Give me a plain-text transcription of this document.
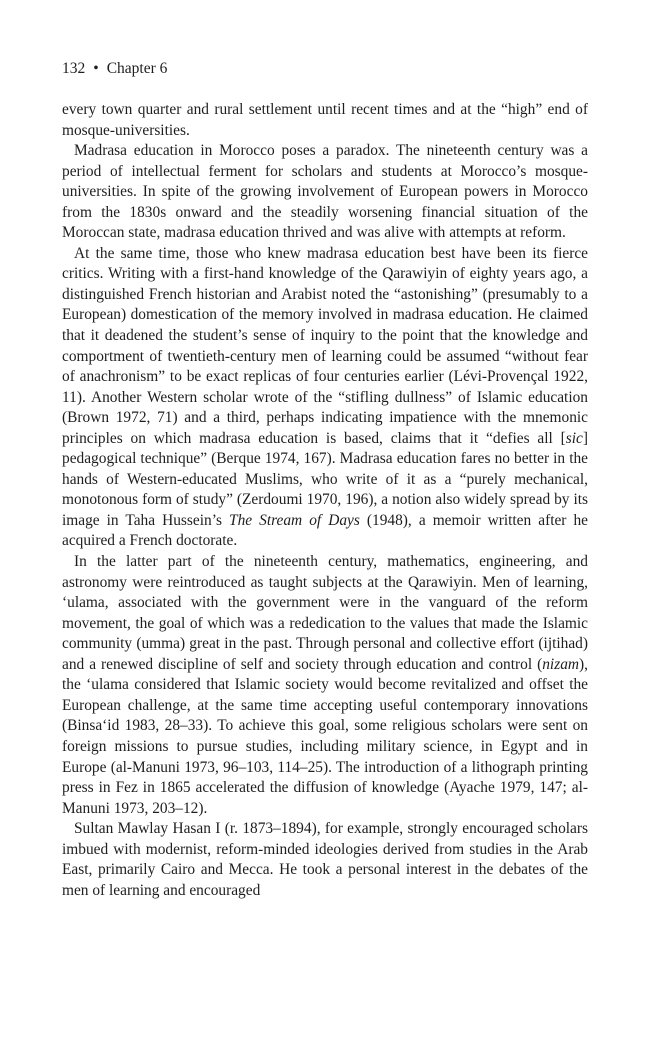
132 • Chapter 6

every town quarter and rural settlement until recent times and at the “high” end of mosque-universities.

Madrasa education in Morocco poses a paradox. The nineteenth century was a period of intellectual ferment for scholars and students at Morocco’s mosque-universities. In spite of the growing involvement of European powers in Morocco from the 1830s onward and the steadily worsening financial situation of the Moroccan state, madrasa education thrived and was alive with attempts at reform.

At the same time, those who knew madrasa education best have been its fierce critics. Writing with a first-hand knowledge of the Qarawiyin of eighty years ago, a distinguished French historian and Arabist noted the “astonishing” (presumably to a European) domestication of the memory involved in madrasa education. He claimed that it deadened the student’s sense of inquiry to the point that the knowledge and comportment of twentieth-century men of learning could be assumed “without fear of anachronism” to be exact replicas of four centuries earlier (Lévi-Provençal 1922, 11). Another Western scholar wrote of the “stifling dullness” of Islamic education (Brown 1972, 71) and a third, perhaps indicating impatience with the mnemonic principles on which madrasa education is based, claims that it “defies all [sic] pedagogical technique” (Berque 1974, 167). Madrasa education fares no better in the hands of Western-educated Muslims, who write of it as a “purely mechanical, monotonous form of study” (Zerdoumi 1970, 196), a notion also widely spread by its image in Taha Hussein’s The Stream of Days (1948), a memoir written after he acquired a French doctorate.

In the latter part of the nineteenth century, mathematics, engineering, and astronomy were reintroduced as taught subjects at the Qarawiyin. Men of learning, ‘ulama, associated with the government were in the vanguard of the reform movement, the goal of which was a rededication to the values that made the Islamic community (umma) great in the past. Through personal and collective effort (ijtihad) and a renewed discipline of self and society through education and control (nizam), the ‘ulama considered that Islamic society would become revitalized and offset the European challenge, at the same time accepting useful contemporary innovations (Binsa‘id 1983, 28–33). To achieve this goal, some religious scholars were sent on foreign missions to pursue studies, including military science, in Egypt and in Europe (al-Manuni 1973, 96–103, 114–25). The introduction of a lithograph printing press in Fez in 1865 accelerated the diffusion of knowledge (Ayache 1979, 147; al-Manuni 1973, 203–12).

Sultan Mawlay Hasan I (r. 1873–1894), for example, strongly encouraged scholars imbued with modernist, reform-minded ideologies derived from studies in the Arab East, primarily Cairo and Mecca. He took a personal interest in the debates of the men of learning and encouraged
